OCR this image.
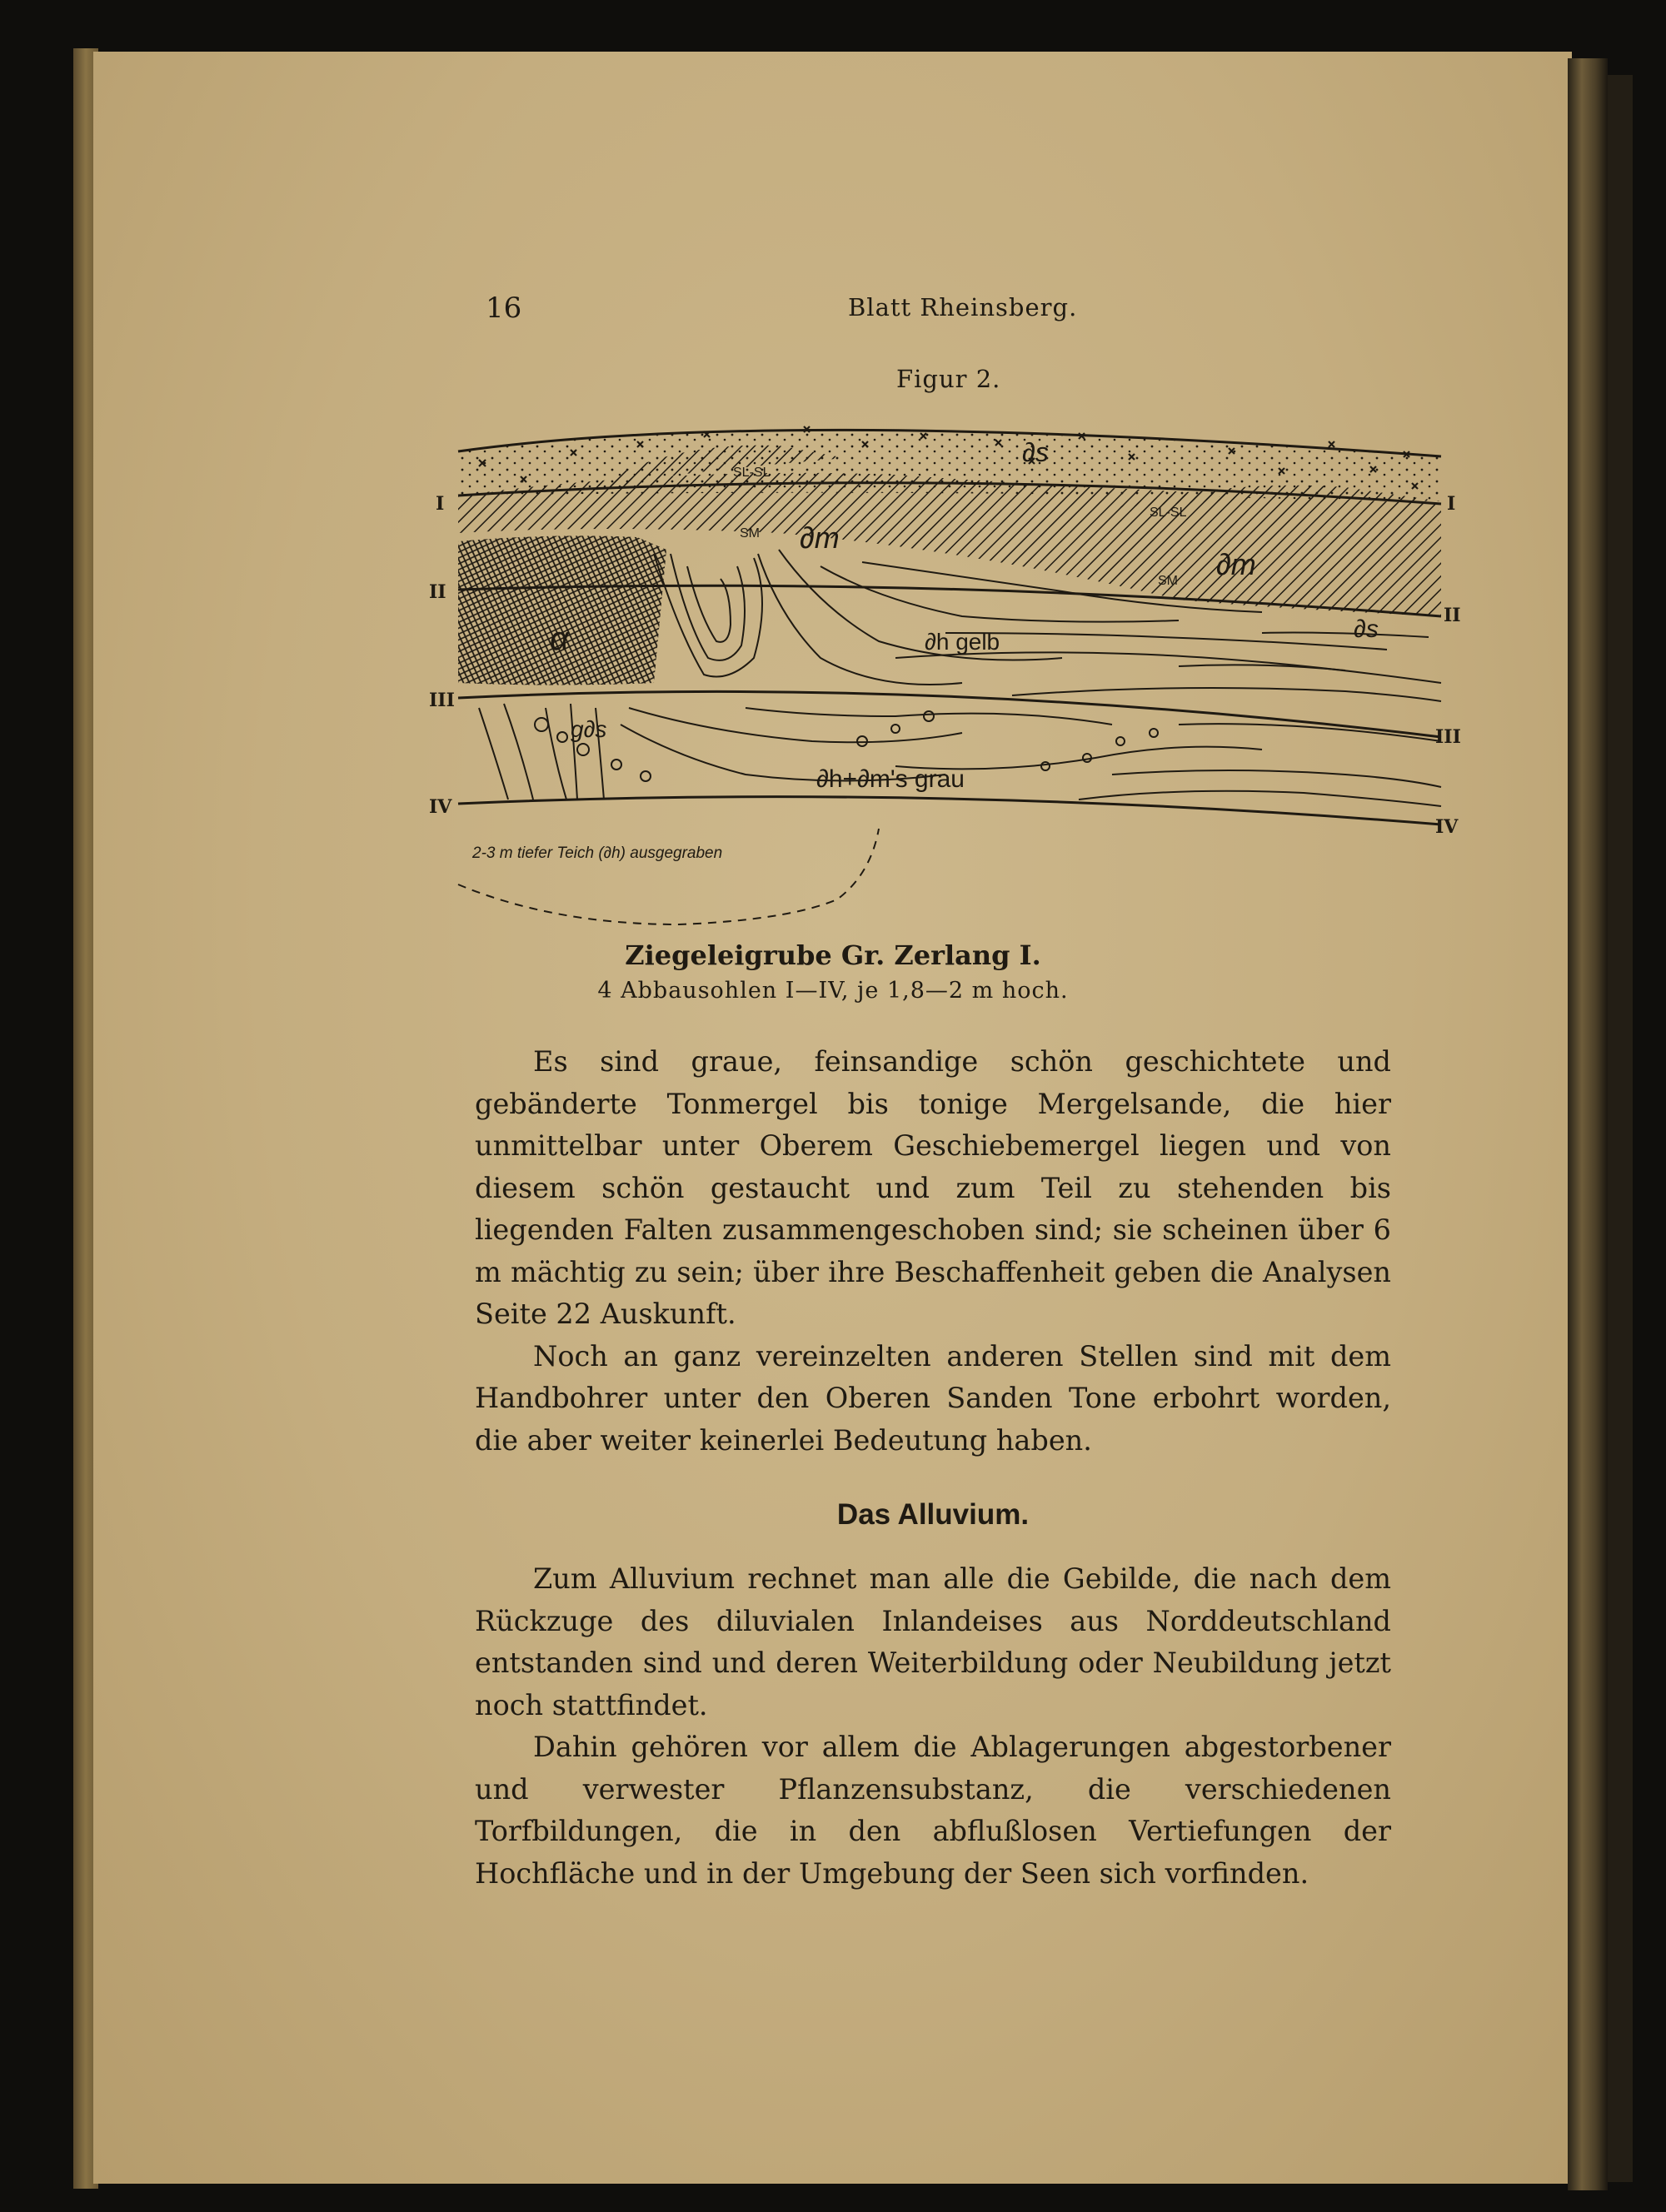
16	Blatt Rheinsberg.
Figur 2.
∂s
SL-SL
SL-SL
SM
SM
∂m
∂m
α	∂h gelb	∂s
g∂s
∂h+∂m's grau
2-3 m tiefer Teich (∂h) ausgegraben
I
II
III
IV
I
II
III
IV
Ziegeleigrube Gr. Zerlang I.
4 Abbausohlen I—IV, je 1,8—2 m hoch.

Es sind graue, feinsandige schön geschichtete und gebänderte Tonmergel bis tonige Mergelsande, die hier unmittelbar unter Oberem Geschiebemergel liegen und von diesem schön gestaucht und zum Teil zu stehenden bis liegenden Falten zusammengeschoben sind; sie scheinen über 6 m mächtig zu sein; über ihre Beschaffenheit geben die Analysen Seite 22 Auskunft.

Noch an ganz vereinzelten anderen Stellen sind mit dem Handbohrer unter den Oberen Sanden Tone erbohrt worden, die aber weiter keinerlei Bedeutung haben.

Das Alluvium.

Zum Alluvium rechnet man alle die Gebilde, die nach dem Rückzuge des diluvialen Inlandeises aus Norddeutschland entstanden sind und deren Weiterbildung oder Neubildung jetzt noch stattfindet.

Dahin gehören vor allem die Ablagerungen abgestorbener und verwester Pflanzensubstanz, die verschiedenen Torfbildungen, die in den abflußlosen Vertiefungen der Hochfläche und in der Umgebung der Seen sich vorfinden.
